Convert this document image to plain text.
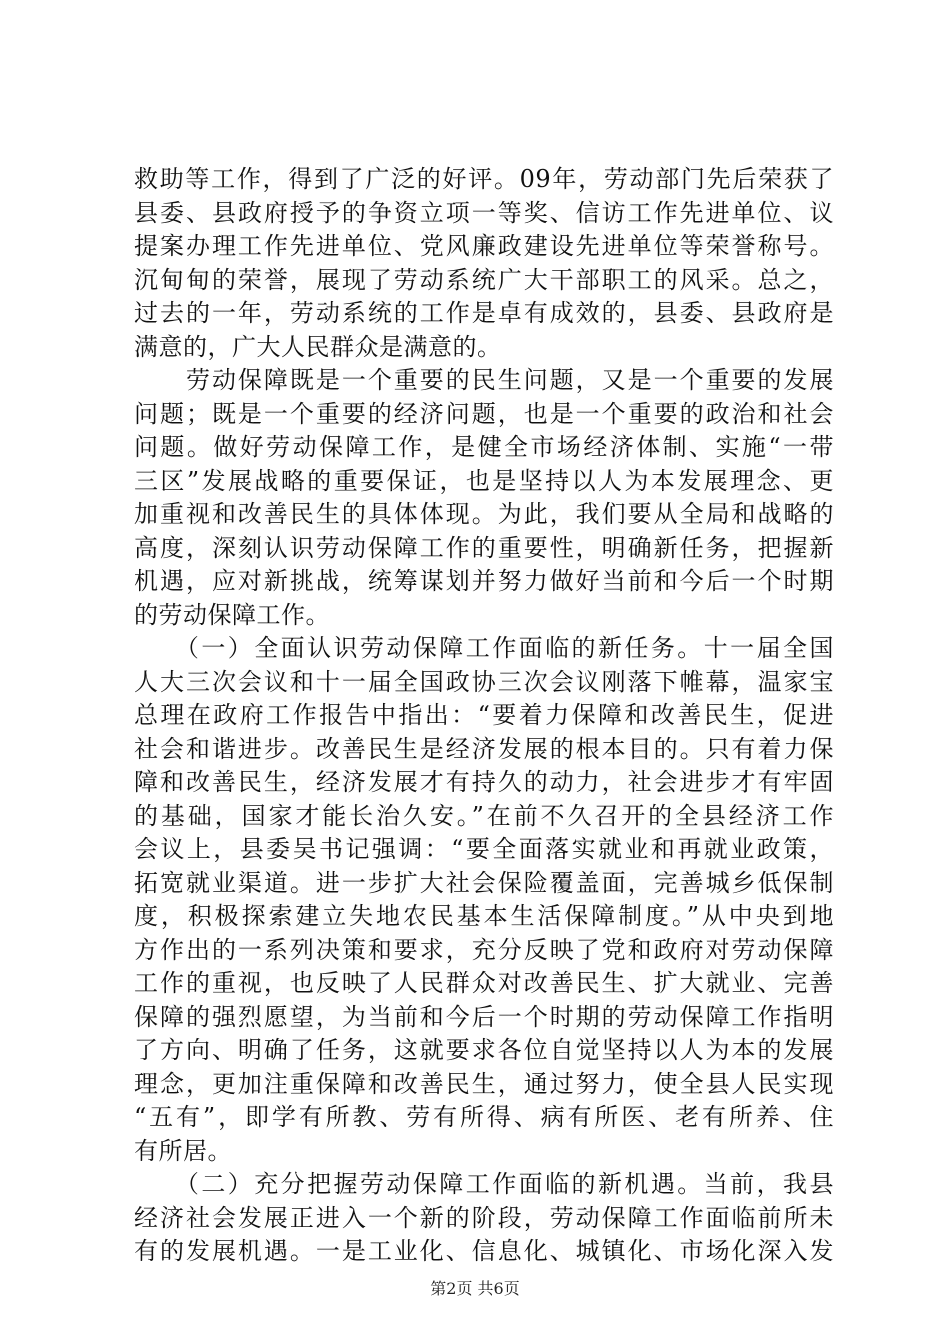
救助等工作，得到了广泛的好评。09年，劳动部门先后荣获了
县委、县政府授予的争资立项一等奖、信访工作先进单位、议
提案办理工作先进单位、党风廉政建设先进单位等荣誉称号。
沉甸甸的荣誉，展现了劳动系统广大干部职工的风采。总之，
过去的一年，劳动系统的工作是卓有成效的，县委、县政府是
满意的，广大人民群众是满意的。
　　劳动保障既是一个重要的民生问题，又是一个重要的发展
问题；既是一个重要的经济问题，也是一个重要的政治和社会
问题。做好劳动保障工作，是健全市场经济体制、实施“一带
三区”发展战略的重要保证，也是坚持以人为本发展理念、更
加重视和改善民生的具体体现。为此，我们要从全局和战略的
高度，深刻认识劳动保障工作的重要性，明确新任务，把握新
机遇，应对新挑战，统筹谋划并努力做好当前和今后一个时期
的劳动保障工作。
　　（一）全面认识劳动保障工作面临的新任务。十一届全国
人大三次会议和十一届全国政协三次会议刚落下帷幕，温家宝
总理在政府工作报告中指出：“要着力保障和改善民生，促进
社会和谐进步。改善民生是经济发展的根本目的。只有着力保
障和改善民生，经济发展才有持久的动力，社会进步才有牢固
的基础，国家才能长治久安。”在前不久召开的全县经济工作
会议上，县委吴书记强调：“要全面落实就业和再就业政策，
拓宽就业渠道。进一步扩大社会保险覆盖面，完善城乡低保制
度，积极探索建立失地农民基本生活保障制度。”从中央到地
方作出的一系列决策和要求，充分反映了党和政府对劳动保障
工作的重视，也反映了人民群众对改善民生、扩大就业、完善
保障的强烈愿望，为当前和今后一个时期的劳动保障工作指明
了方向、明确了任务，这就要求各位自觉坚持以人为本的发展
理念，更加注重保障和改善民生，通过努力，使全县人民实现
“五有”，即学有所教、劳有所得、病有所医、老有所养、住
有所居。
　　（二）充分把握劳动保障工作面临的新机遇。当前，我县
经济社会发展正进入一个新的阶段，劳动保障工作面临前所未
有的发展机遇。一是工业化、信息化、城镇化、市场化深入发
第2页 共6页
